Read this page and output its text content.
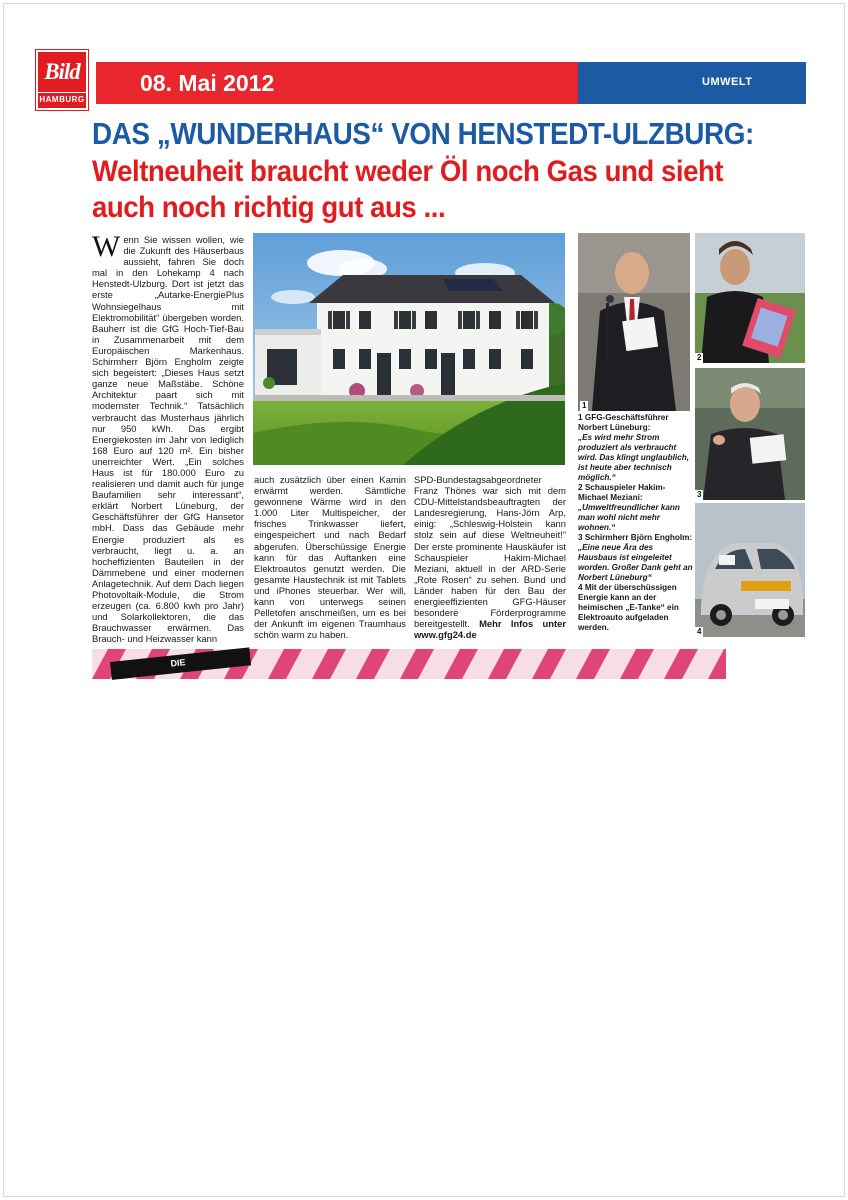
Bild
HAMBURG
08. Mai 2012	UMWELT
DAS „WUNDERHAUS“ VON HENSTEDT-ULZBURG:
Weltneuheit braucht weder Öl noch Gas und sieht auch noch richtig gut aus ...
Wenn Sie wissen wollen, wie die Zukunft des Häuserbaus aussieht, fahren Sie doch mal in den Lohekamp 4 nach Henstedt-Ulzburg. Dort ist jetzt das erste „Autarke-EnergiePlus Wohnsiegelhaus mit Elektromobilität“ übergeben worden. Bauherr ist die GfG Hoch-Tief-Bau in Zusammenarbeit mit dem Europäischen Markenhaus. Schirmherr Björn Engholm zeigte sich begeistert: „Dieses Haus setzt ganze neue Maßstäbe. Schöne Architektur paart sich mit modernster Technik.“ Tatsächlich verbraucht das Musterhaus jährlich nur 950 kWh. Das ergibt Energiekosten im Jahr von lediglich 168 Euro auf 120 m². Ein bisher unerreichter Wert. „Ein solches Haus ist für 180.000 Euro zu realisieren und damit auch für junge Baufamilien sehr interessant“, erklärt Norbert Lüneburg, der Geschäftsführer der GfG Hansetor mbH. Dass das Gebäude mehr Energie produziert als es verbraucht, liegt u. a. an hocheffizienten Bauteilen in der Dämmebene und einer modernen Anlagetechnik. Auf dem Dach liegen Photovoltaik-Module, die Strom erzeugen (ca. 6.800 kwh pro Jahr) und Solarkollektoren, die das Brauchwasser erwärmen. Das Brauch- und Heizwasser kann
auch zusätzlich über einen Kamin erwärmt werden. Sämtliche gewonnene Wärme wird in den 1.000 Liter Multispeicher, der frisches Trinkwasser liefert, eingespeichert und nach Bedarf abgerufen. Überschüssige Energie kann für das Auftanken eine Elektroautos genutzt werden. Die gesamte Haustechnik ist mit Tablets und iPhones steuerbar. Wer will, kann von unterwegs seinen Pelletofen anschmeißen, um es bei der Ankunft im eigenen Traumhaus schön warm zu haben.
SPD-Bundestagsabgeordneter Franz Thönes war sich mit dem CDU-Mittelstandsbeauftragten der Landesregierung, Hans-Jörn Arp, einig: „Schleswig-Holstein kann stolz sein auf diese Weltneuheit!“ Der erste prominente Hauskäufer ist Schauspieler Hakim-Michael Meziani, aktuell in der ARD-Serie „Rote Rosen“ zu sehen. Bund und Länder haben für den Bau der energieeffizienten GFG-Häuser besondere Förderprogramme bereitgestellt. Mehr Infos unter www.gfg24.de
1
2
3
4
1 GFG-Geschäftsführer Norbert Lüneburg:
„Es wird mehr Strom produziert als verbraucht wird. Das klingt unglaublich, ist heute aber technisch möglich.“
2 Schauspieler Hakim-Michael Meziani:
„Umweltfreundlicher kann man wohl nicht mehr wohnen.“
3 Schirmherr Björn Engholm:
„Eine neue Ära des Hausbaus ist eingeleitet worden. Großer Dank geht an Norbert Lüneburg“
4 Mit der überschüssigen Energie kann an der heimischen „E-Tanke“ ein Elektroauto aufgeladen werden.
DIE
